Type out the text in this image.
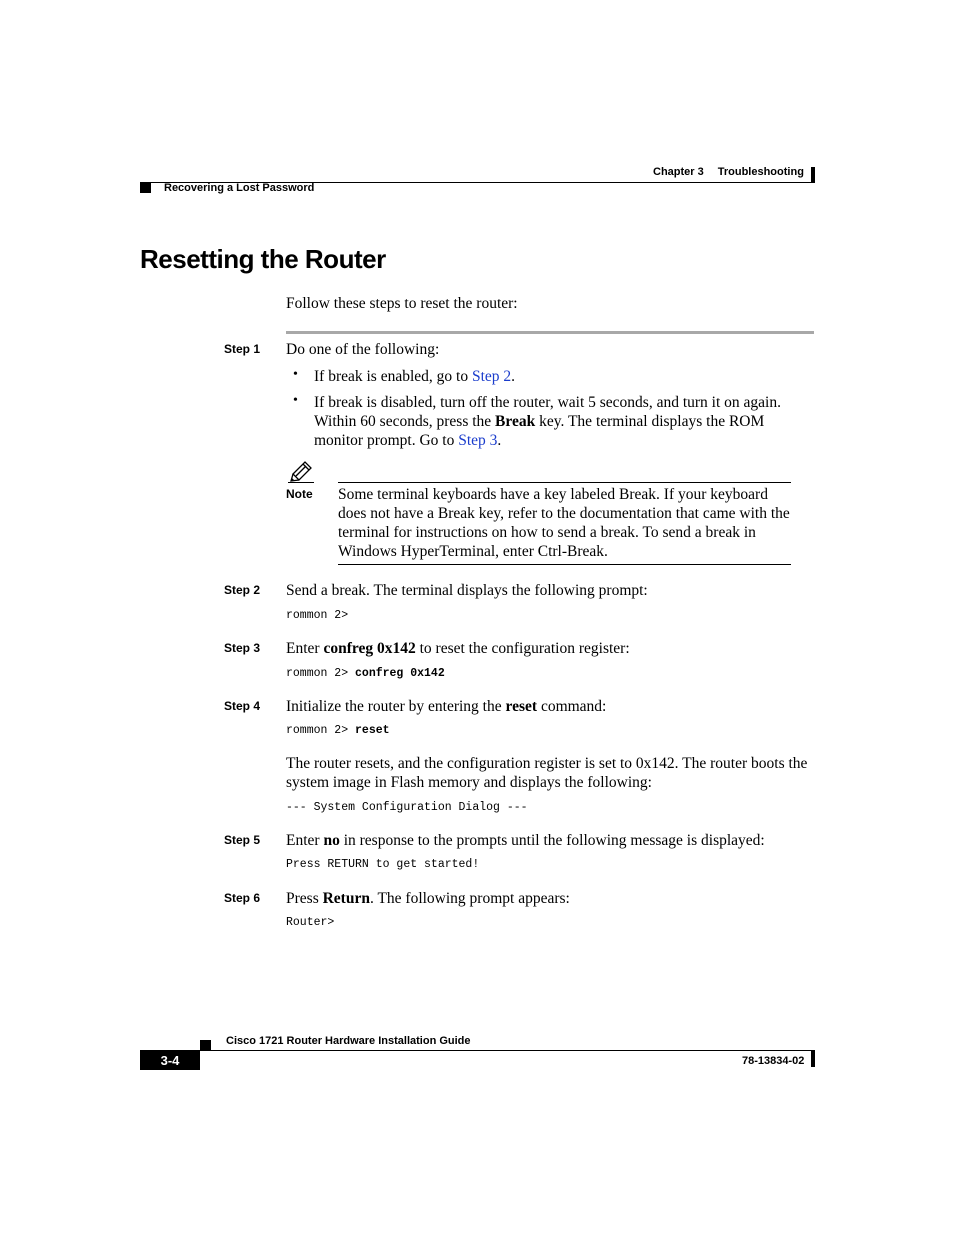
Chapter 3 Troubleshooting
Recovering a Lost Password
Resetting the Router
Follow these steps to reset the router:
Step 1 Do one of the following:
• If break is enabled, go to Step 2.
• If break is disabled, turn off the router, wait 5 seconds, and turn it on again. Within 60 seconds, press the Break key. The terminal displays the ROM monitor prompt. Go to Step 3.
Note Some terminal keyboards have a key labeled Break. If your keyboard does not have a Break key, refer to the documentation that came with the terminal for instructions on how to send a break. To send a break in Windows HyperTerminal, enter Ctrl-Break.
Step 2 Send a break. The terminal displays the following prompt:
rommon 2>
Step 3 Enter confreg 0x142 to reset the configuration register:
rommon 2> confreg 0x142
Step 4 Initialize the router by entering the reset command:
rommon 2> reset
The router resets, and the configuration register is set to 0x142. The router boots the system image in Flash memory and displays the following:
--- System Configuration Dialog ---
Step 5 Enter no in response to the prompts until the following message is displayed:
Press RETURN to get started!
Step 6 Press Return. The following prompt appears:
Router>
Cisco 1721 Router Hardware Installation Guide
3-4	78-13834-02
